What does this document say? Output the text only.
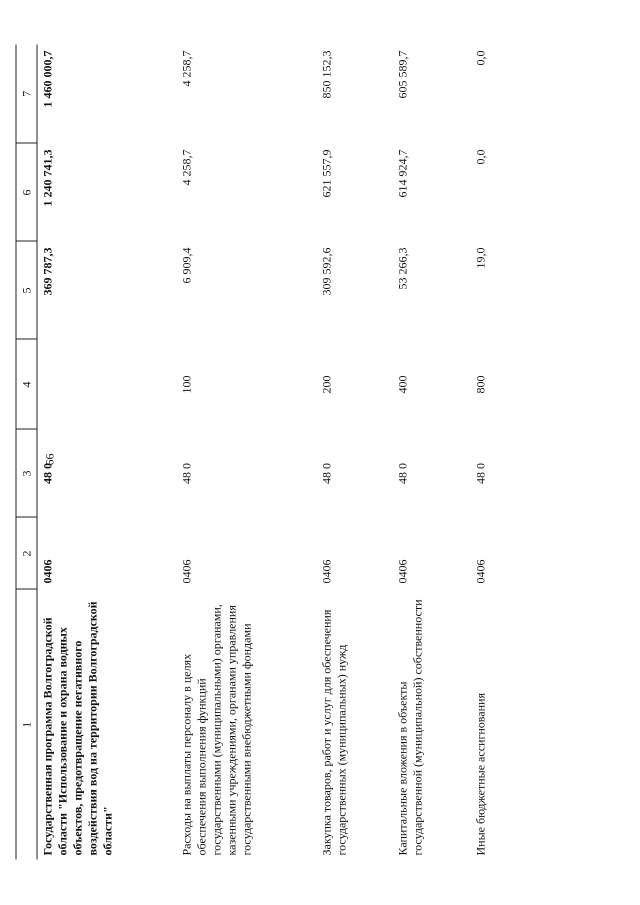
66
1	2	3	4	5	6	7
Государственная программа Волгоградской области "Использование и охрана водных объектов, предотвращение негативного воздействия вод на территории Волгоградской области"	0406	48 0		369 787,3	1 240 741,3	1 460 000,7
Расходы на выплаты персоналу в целях обеспечения выполнения функций государственными (муниципальными) органами, казенными учреждениями, органами управления государственными внебюджетными фондами	0406	48 0	100	6 909,4	4 258,7	4 258,7
Закупка товаров, работ и услуг для обеспечения государственных (муниципальных) нужд	0406	48 0	200	309 592,6	621 557,9	850 152,3
Капитальные вложения в объекты государственной (муниципальной) собственности	0406	48 0	400	53 266,3	614 924,7	605 589,7
Иные бюджетные ассигнования	0406	48 0	800	19,0	0,0	0,0
